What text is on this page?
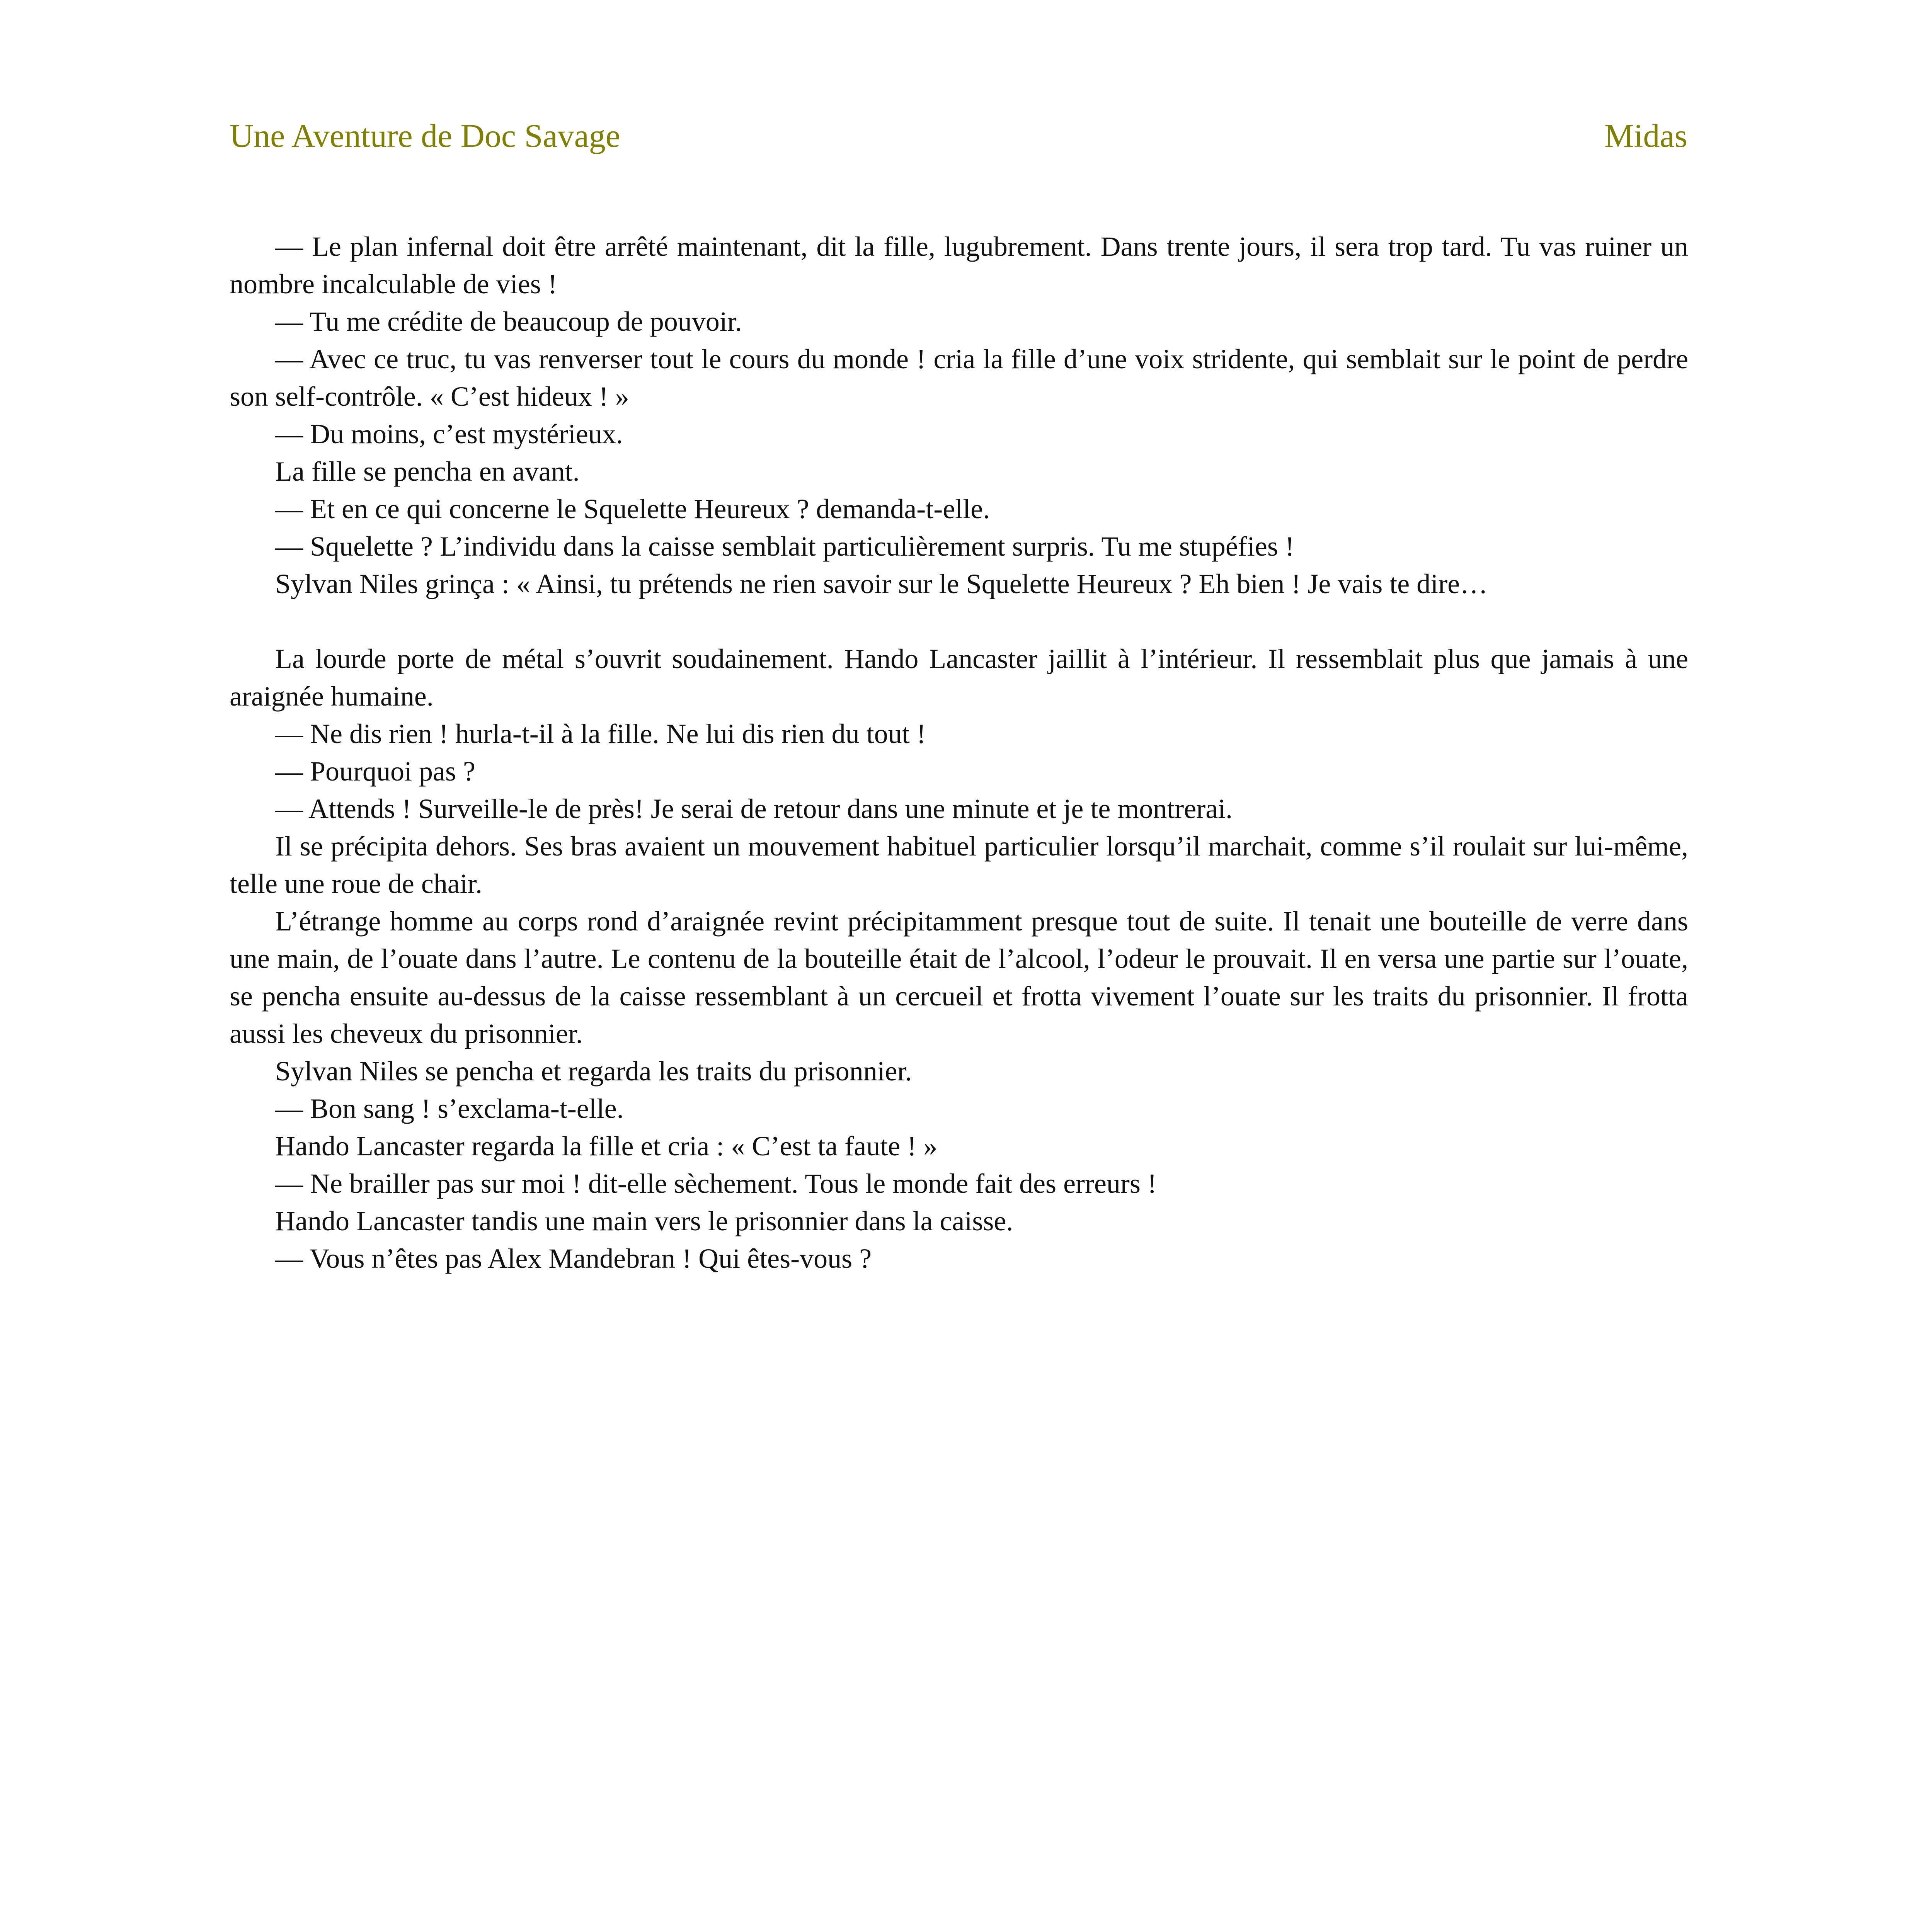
Une Aventure de Doc Savage	Midas

— Le plan infernal doit être arrêté maintenant, dit la fille, lugubrement. Dans trente jours, il sera trop tard. Tu vas ruiner un nombre incalculable de vies !

— Tu me crédite de beaucoup de pouvoir.

— Avec ce truc, tu vas renverser tout le cours du monde ! cria la fille d’une voix stridente, qui semblait sur le point de perdre son self-contrôle. « C’est hideux ! »

— Du moins, c’est mystérieux.

La fille se pencha en avant.

— Et en ce qui concerne le Squelette Heureux ? demanda-t-elle.

— Squelette ? L’individu dans la caisse semblait particulièrement surpris. Tu me stupéfies !

Sylvan Niles grinça : « Ainsi, tu prétends ne rien savoir sur le Squelette Heureux ? Eh bien ! Je vais te dire…

La lourde porte de métal s’ouvrit soudainement. Hando Lancaster jaillit à l’intérieur. Il ressemblait plus que jamais à une araignée humaine.

— Ne dis rien ! hurla-t-il à la fille. Ne lui dis rien du tout !

— Pourquoi pas ?

— Attends ! Surveille-le de près! Je serai de retour dans une minute et je te montrerai.

Il se précipita dehors. Ses bras avaient un mouvement habituel particulier lorsqu’il marchait, comme s’il roulait sur lui-même, telle une roue de chair.

L’étrange homme au corps rond d’araignée revint précipitamment presque tout de suite. Il tenait une bouteille de verre dans une main, de l’ouate dans l’autre. Le contenu de la bouteille était de l’alcool, l’odeur le prouvait. Il en versa une partie sur l’ouate, se pencha ensuite au-dessus de la caisse ressemblant à un cercueil et frotta vivement l’ouate sur les traits du prisonnier. Il frotta aussi les cheveux du prisonnier.

Sylvan Niles se pencha et regarda les traits du prisonnier.

— Bon sang ! s’exclama-t-elle.

Hando Lancaster regarda la fille et cria : « C’est ta faute ! »

— Ne brailler pas sur moi ! dit-elle sèchement. Tous le monde fait des erreurs !

Hando Lancaster tandis une main vers le prisonnier dans la caisse.

— Vous n’êtes pas Alex Mandebran ! Qui êtes-vous ?
